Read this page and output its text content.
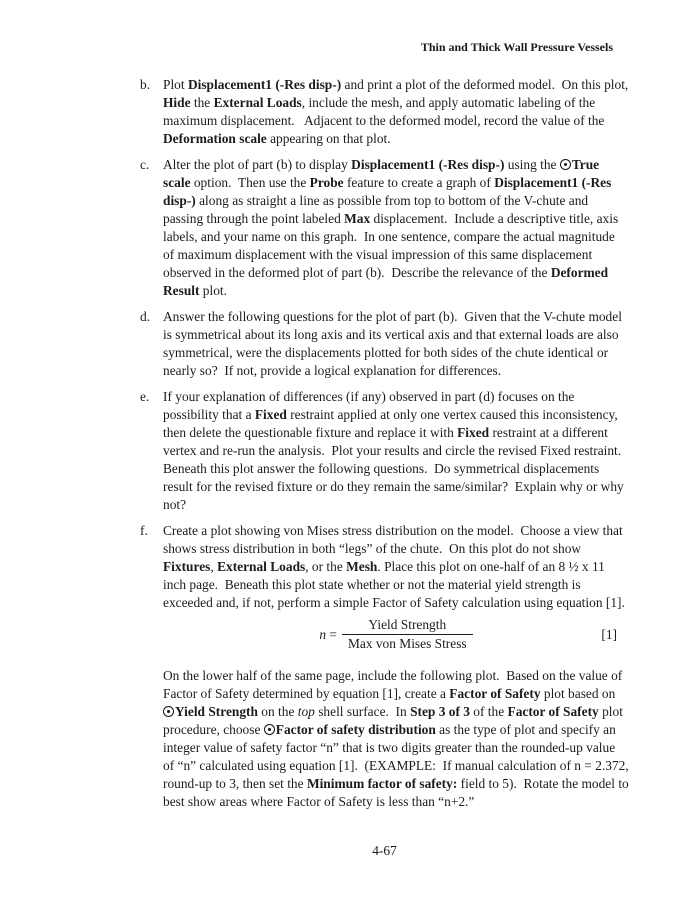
Thin and Thick Wall Pressure Vessels
b. Plot Displacement1 (-Res disp-) and print a plot of the deformed model.  On this plot, Hide the External Loads, include the mesh, and apply automatic labeling of the maximum displacement.   Adjacent to the deformed model, record the value of the Deformation scale appearing on that plot.
c.	Alter the plot of part (b) to display Displacement1 (-Res disp-) using the True scale option.  Then use the Probe feature to create a graph of Displacement1 (-Res disp-) along as straight a line as possible from top to bottom of the V-chute and passing through the point labeled Max displacement.  Include a descriptive title, axis labels, and your name on this graph.  In one sentence, compare the actual magnitude of maximum displacement with the visual impression of this same displacement observed in the deformed plot of part (b).  Describe the relevance of the Deformed Result plot.
d. Answer the following questions for the plot of part (b).  Given that the V-chute model is symmetrical about its long axis and its vertical axis and that external loads are also symmetrical, were the displacements plotted for both sides of the chute identical or nearly so?  If not, provide a logical explanation for differences.
e.	If your explanation of differences (if any) observed in part (d) focuses on the possibility that a Fixed restraint applied at only one vertex caused this inconsistency, then delete the questionable fixture and replace it with Fixed restraint at a different vertex and re-run the analysis.  Plot your results and circle the revised Fixed restraint.  Beneath this plot answer the following questions.  Do symmetrical displacements result for the revised fixture or do they remain the same/similar?  Explain why or why not?
f.	Create a plot showing von Mises stress distribution on the model.  Choose a view that shows stress distribution in both “legs” of the chute.  On this plot do not show Fixtures, External Loads, or the Mesh. Place this plot on one-half of an 8 ½ x 11 inch page.  Beneath this plot state whether or not the material yield strength is exceeded and, if not, perform a simple Factor of Safety calculation using equation [1].
$n = \frac{\text{Yield Strength}}{\text{Max von Mises Stress}}$	[1]
On the lower half of the same page, include the following plot.  Based on the value of Factor of Safety determined by equation [1], create a Factor of Safety plot based on Yield Strength on the top shell surface.  In Step 3 of 3 of the Factor of Safety plot procedure, choose Factor of safety distribution as the type of plot and specify an integer value of safety factor “n” that is two digits greater than the rounded-up value of “n” calculated using equation [1].  (EXAMPLE:  If manual calculation of n = 2.372, round-up to 3, then set the Minimum factor of safety: field to 5).  Rotate the model to best show areas where Factor of Safety is less than “n+2.”
4-67
